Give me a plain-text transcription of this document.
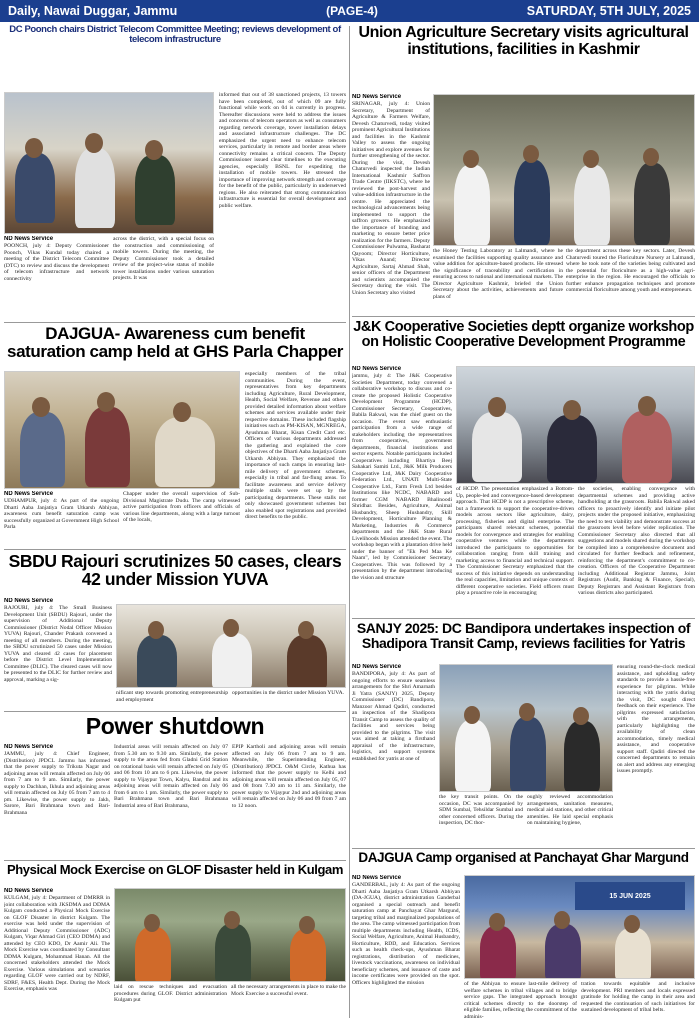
Daily, Nawai Duggar, Jammu	(PAGE-4)	SATURDAY, 5TH JULY, 2025
DC Poonch chairs District Telecom Committee Meeting; reviews development of telecom infrastructure
ND News Service
POONCH, july 4: Deputy Commissioner Poonch, Vikas Kundal today chaired a meeting of the District Telecom Committee (DTC) to review and discuss the development of telecom infrastructure and network connectivity
across the district, with a special focus on the construction and commissioning of mobile towers. During the meeting, the Deputy Commissioner took a detailed review of the project-wise status of mobile tower installations under various saturation projects. It was
informed that out of 38 sanctioned projects, 13 towers have been completed, out of which 09 are fully functional while work on 04 is currently in progress. Thereafter discussions were held to address the issues and concerns of telecom operators as well as consumers regarding network coverage, tower installation delays and associated infrastructure challenges. The DC emphasized the urgent need to enhance telecom services, particularly in remote and border areas where connectivity remains a critical concern. The Deputy Commissioner issued clear timelines to the executing agencies, especially BSNL for expediting the installation of mobile towers. He stressed the importance of improving network strength and coverage for the benefit of the public, particularly in underserved regions. He also reiterated that strong communication infrastructure is essential for overall development and public welfare.
Union Agriculture Secretary visits agricultural institutions, facilities in Kashmir
ND News Service
SRINAGAR, july 4: Union Secretary, Department of Agriculture & Farmers Welfare, Devesh Chaturvedi, today visited prominent Agricultural Institutions and facilities in the Kashmir Valley to assess the ongoing initiatives and explore avenues for further strengthening of the sector. During the visit, Devesh Chaturvedi inspected the Indian International Kashmir Saffron Trade Centre (IIKSTC), where he reviewed the post-harvest and value-addition infrastructure in the centre. He appreciated the technological advancements being implemented to support the saffron growers. He emphasized the importance of branding and marketing to ensure better price realization for the farmers. Deputy Commissioner Pulwama, Basharat Qayoom; Director Horticulture, Vikas Anand; Director Agriculture, Sartaj Ahmad Shah, senior officers of the Department and scientists accompanied the Secretary during the visit. The Union Secretary also visited
the Honey Testing Laboratory at Lalmandi, where he examined the facilities supporting quality assurance and value addition for apiculture-based products. He stressed the significance of traceability and certification in ensuring access to national and international markets. The Director Agriculture Kashmir, briefed the Union Secretary about the activities, achievements and future plans of
the department across these key sectors. Later, Devesh Chaturvedi toured the Floriculture Nursery at Lalmandi, where he took note of the varieties being cultivated and the potential for floriculture as a high-value agri-enterprise in the region. He encouraged the officials to further enhance propagation techniques and promote commercial floriculture among youth and entrepreneurs.
DAJGUA- Awareness cum benefit saturation camp held at GHS Parla Chapper
ND News Service
UDHAMPUR, july 4: As part of the ongoing Dharti Aaba Janjatiya Gram Utkarsh Abhiyan, awareness cum benefit saturation camp was successfully organized at Government High School Parla
Chapper under the overall supervision of Sub-Divisional Magistrate Dudu. The camp witnessed active participation from officers and officials of various line departments, along with a large turnout of the locals,
especially members of the tribal communities. During the event, representatives from key departments including Agriculture, Rural Development, Health, Social Welfare, Revenue and others provided detailed information about welfare schemes and services available under their respective domains. These included flagship initiatives such as PM-KISAN, MGNREGA, Ayushman Bharat, Kisan Credit Card etc. Officers of various departments addressed the gathering and explained the core objectives of the Dharti Aaba Janjatiya Gram Utkarsh Abhiyan. They emphasized the importance of such camps in ensuring last-mile delivery of government schemes, especially in tribal and far-flung areas. To facilitate awareness and service delivery multiple stalls were set up by the participating departments. These stalls not only showcased government schemes but also enabled spot registrations and provided direct benefits to the public.
J&K Cooperative Societies deptt organize workshop on Holistic Cooperative Development Programme
ND News Service
jammu, july 4: The J&K Cooperative Societies Department, today convened a collaborative workshop to discuss and co-create the proposed Holistic Cooperative Development Programme (HCDP). Commissioner Secretary, Cooperatives, Babila Rakwal, was the chief guest on the occasion. The event saw enthusiastic participation from a wide range of stakeholders including the representatives from cooperatives, government departments, financial institutions and sector experts. Notable participants included Cooperatives including Bhartiya Beej Sahakari Samiti Ltd., J&K Milk Producers Cooperative Ltd, J&K Dairy Cooperative Federation Ltd., UNATI Multi-State Cooperative Ltd., Farm Fresh Ltd besides Institutions like NCDC, NABARD and former CGM NABARD Bhalinoodi Shridhar. Besides, Agriculture, Animal Husbandry, Sheep Husbandry, Skill Development, Horticulture Planning & Marketing, Industries & Commerce departments and the J&K State Rural Livelihoods Mission attended the event. The workshop began with a plantation drive held under the banner of "Ek Ped Maa Ke Naam", led by Commissioner Secretary, Cooperatives. This was followed by a presentation by the department introducing the vision and structure
of HCDP. The presentation emphasized a Bottom-Up, people-led and convergence-based development approach. That HCDP is not a prescriptive scheme, but a framework to support the cooperative-driven models across sectors like agriculture, dairy, processing, fisheries and digital enterprise. The participants shared relevant schemes, potential models for convergence and strategies for enabling cooperative ventures while the departments introduced the participants to opportunities for collaboration ranging from skill training and marketing access to financial and technical support. The Commissioner Secretary emphasized that the success of this initiative depends on understanding the real capacities, limitation and unique contexts of different cooperative societies. Field officers must play a proactive role in encouraging
the societies, enabling convergence with departmental schemes and providing active handholding at the grassroots. Babila Rakwal asked officers to proactively identify and initiate pilot projects under the proposed initiative, emphasizing the need to test viability and demonstrate success at the grassroots level before wider replication. The Commissioner Secretary also directed that all suggestions and models shared during the workshop be compiled into a comprehensive document and circulated for further feedback and refinement, reinforcing the department's commitment to co-creation. Officers of the Cooperative Department including Additional Registrar Jammu, Joint Registrars (Audit, Banking & Finance, Special), Deputy Registrars and Assistant Registrars from various districts also participated.
SBDU Rajouri scrutinizes 50 cases, clears 42 under Mission YUVA
ND News Service
RAJOURI, july 4: The Small Business Development Unit (SBDU) Rajouri, under the supervision of Additional Deputy Commissioner (District Nodal Officer Mission YUVA) Rajouri, Chander Prakash convened a meeting of all members. During the meeting, the SBDU scrutinized 50 cases under Mission YUVA and cleared 42 cases for placement before the District Level Implementation Committee (DLIC). The cleared cases will now be presented to the DLIC for further review and approval, marking a sig-
nificant step towards promoting entrepreneurship and employment
opportunities in the district under Mission YUVA.
SANJY 2025: DC Bandipora undertakes inspection of Shadipora Transit Camp, reviews facilities for Yatris
ND News Service
BANDIPORA, july 4: As part of ongoing efforts to ensure seamless arrangements for the Shri Amarnath Ji Yatra (SANJY) 2025, Deputy Commissioner (DC) Bandipora, Manzoor Ahmad Qadiri, conducted an inspection of the Shadipora Transit Camp to assess the quality of facilities and services being provided to the pilgrims. The visit was aimed at taking a firsthand appraisal of the infrastructure, logistics, and support systems established for yatris at one of
the key transit points. On the occasion, DC was accompanied by SDM Sumbal, Tehsildar Sumbal and other concerned officers. During the inspection, DC thor-
oughly reviewed accommodation arrangements, sanitation measures, medical aid stations, and other critical amenities. He laid special emphasis on maintaining hygiene,
ensuring round-the-clock medical assistance, and upholding safety standards to provide a hassle-free experience for pilgrims. While interacting with the yatris during the visit, DC sought direct feedback on their experience. The pilgrims expressed satisfaction with the arrangements, particularly highlighting the availability of clean accommodation, timely medical assistance, and cooperative support staff. Qadiri directed the concerned departments to remain on alert and address any emerging issues promptly.
Power shutdown
ND News Service
JAMMU, july 4: Chief Engineer, (Distribution) JPDCL Jammu has informed that the power supply to Trikuta Nagar and adjoining areas will remain affected on July 06 from 7 am to 9 am. Similarly, the power supply to Dachhan, Ikhula and adjoining areas will remain affected on July 05 from 7 am to 4 pm. Likewise, the power supply to Jakh, Sarore, Bari Brahmana town and Bari-Brahmana
Industrial areas will remain affected on July 07 from 5.30 am to 9.30 am. Similarly, the power supply to the areas fed from Gladni Grid Station on rotational basis will remain affected on July 05 and 06 from 10 am to 6 pm. Likewise, the power supply to Vijaypur Town, Kalyu, Bandral and its adjoining areas will remain affected on July 06 from 6 am to 1 pm. Similarly, the power supply to Bari Brahmana town and Bari Brahmana Industrial area of Bari Brahmana,
EPIP Kartholi and adjoining areas will remain affected on July 06 from 7 am to 9 am. Meanwhile, the Superintending Engineer, (Distribution) JPDCL O&M Circle, Kathua has informed that the power supply to Kelhi and adjoining areas will remain affected on July 05, 07 and 08 from 7.30 am to 11 am. Similarly, the power supply to Vijaypur 2nd and adjoining areas will remain affected on July 06 and 09 from 7 am to 12 noon.
Physical Mock Exercise on GLOF Disaster held in Kulgam
ND News Service
KULGAM, july 4: Department of DMRRR in joint collaboration with JKSDMA and DDMA Kulgam conducted a Physical Mock Exercise on GLOF Disaster in district Kulgam. The exercise was held under the supervision of Additional Deputy Commissioner (ADC) Kulgam, Viqar Ahmad Giri (CEO DDMA) and attended by CEO KDO, Dr Aamir Ali. The Mock Exercise was coordinated by Consultant DDMA Kulgam, Mohammad Hanan. All the concerned stakeholders attended the Mock Exercise. Various simulations and scenarios regarding GLOF were carried out by NDRF, SDRF, F&ES, Health Dept. During the Mock Exercise, emphasis was	laid on rescue techniques and evacuation procedures during GLOF. District administration Kulgam put
all the necessary arrangements in place to make the Mock Exercise a successful event.
DAJGUA Camp organised at Panchayat Ghar Margund
ND News Service
GANDERBAL, july 4: As part of the ongoing Dharti Aaba Janjatiya Gram Utkarsh Abhiyan (DA-JGUA), district administration Ganderbal organised a special outreach and benefit saturation camp at Panchayat Ghar Margund, targeting tribal and marginalized populations of the area. The camp witnessed participation from multiple departments including Health, ICDS, Social Welfare, Agriculture, Animal Husbandry, Horticulture, RDD, and Education. Services such as health check-ups, Ayushman Bharat registrations, distribution of medicines, livestock vaccinations, awareness on individual beneficiary schemes, and issuance of caste and income certificates were provided on the spot. Officers highlighted the mission
15 JUN 2025
of the Abhiyan to ensure last-mile delivery of welfare schemes in tribal villages and to bridge service gaps. The integrated approach brought critical schemes directly to the doorstep of eligible families, reflecting the commitment of the adminis-
tration towards equitable and inclusive development. PRI members and locals expressed gratitude for holding the camp in their area and requested the continuation of such initiatives for sustained development of tribal belts.
